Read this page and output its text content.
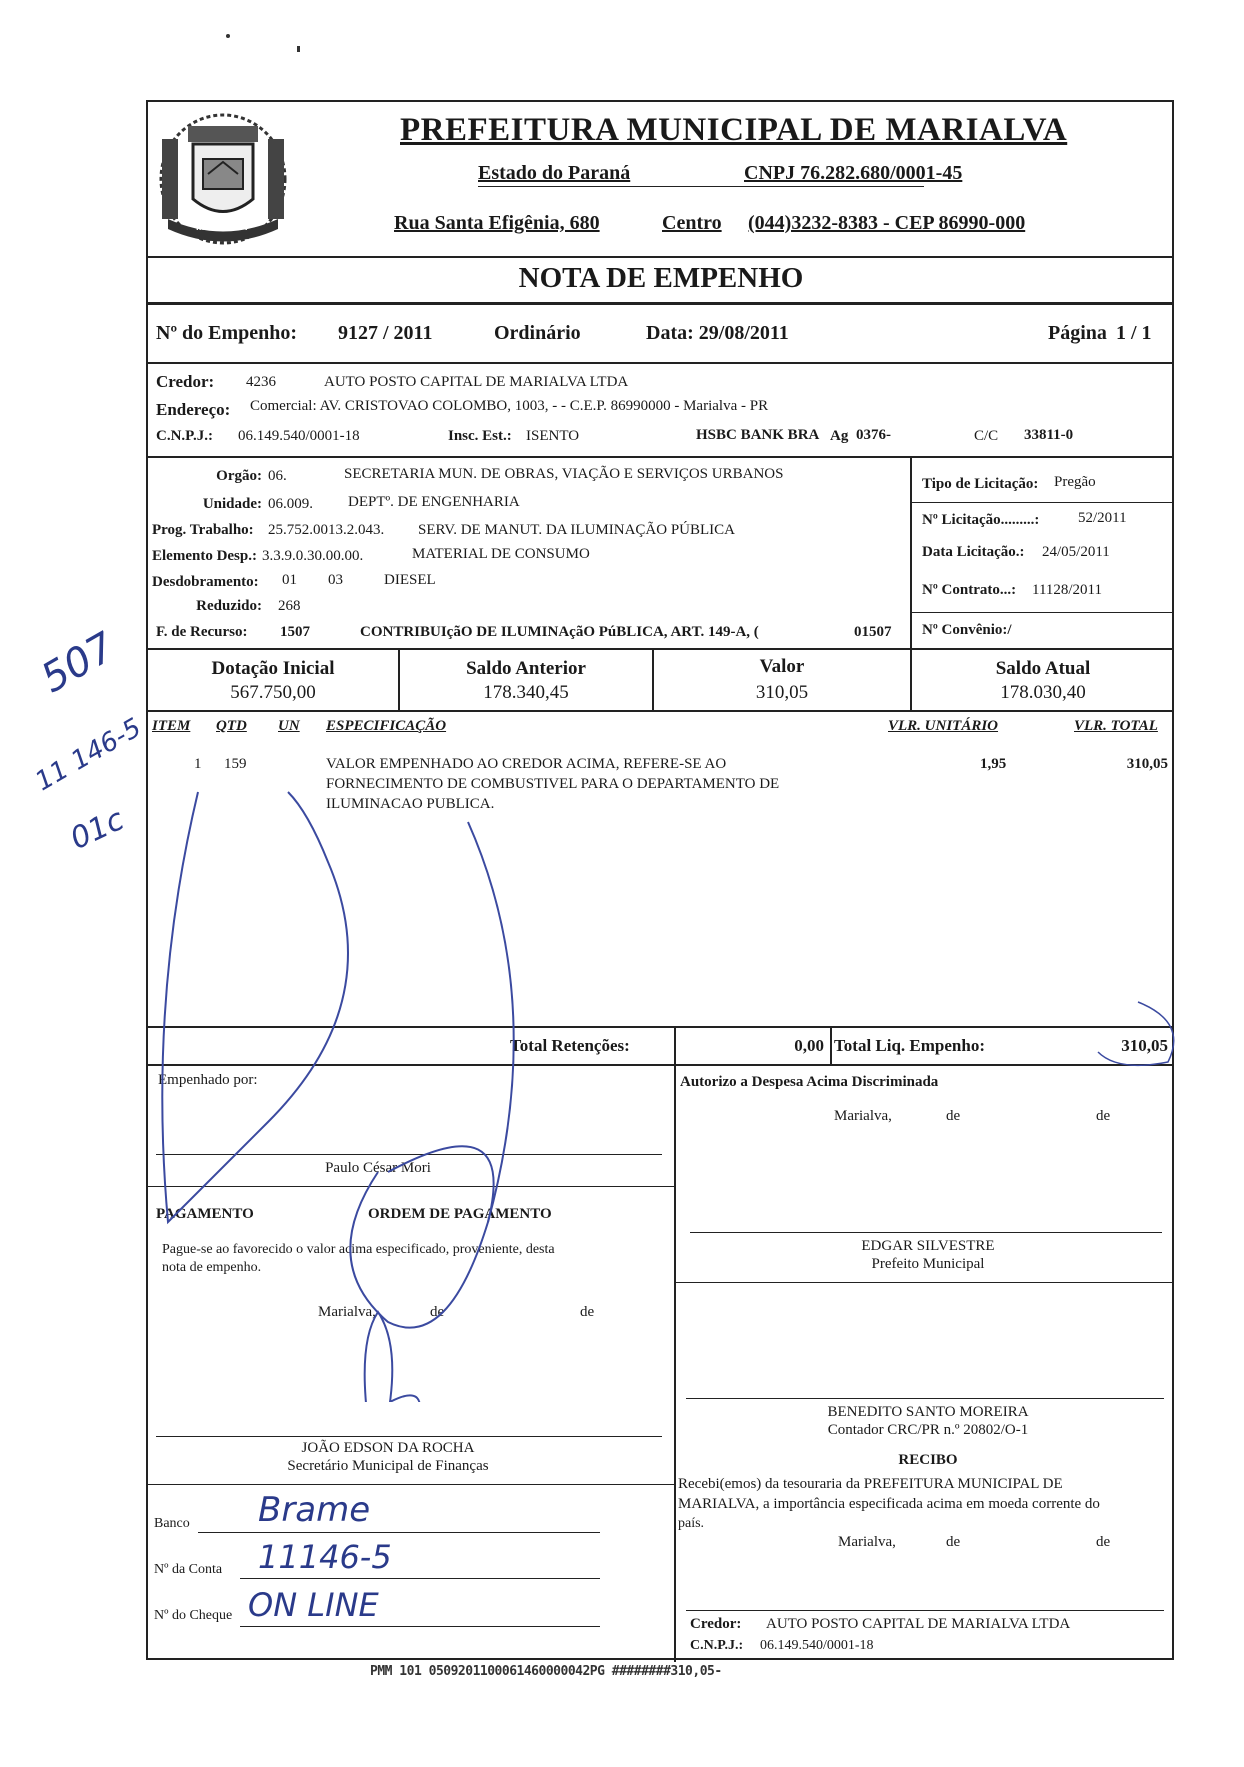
MARIALVA
PREFEITURA MUNICIPAL DE MARIALVA
Estado do Paraná	CNPJ 76.282.680/0001-45
Rua Santa Efigênia, 680	Centro (044)3232-8383 - CEP 86990-000
NOTA DE EMPENHO
Nº do Empenho: 9127 / 2011	Ordinário	Data: 29/08/2011	Página 1 / 1
Credor: 4236	AUTO POSTO CAPITAL DE MARIALVA LTDA
Endereço: Comercial: AV. CRISTOVAO COLOMBO, 1003, - - C.E.P. 86990000 - Marialva - PR
C.N.P.J.: 06.149.540/0001-18	Insc. Est.: ISENTO	HSBC BANK BRA Ag 0376-	C/C 33811-0
Orgão: 06.	SECRETARIA MUN. DE OBRAS, VIAÇÃO E SERVIÇOS URBANOS
Unidade: 06.009. DEPTº. DE ENGENHARIA
Prog. Trabalho: 25.752.0013.2.043. SERV. DE MANUT. DA ILUMINAÇÃO PÚBLICA
Elemento Desp.: 3.3.9.0.30.00.00.	MATERIAL DE CONSUMO
Desdobramento: 01 03	DIESEL
Reduzido: 268
F. de Recurso: 1507	CONTRIBUIçãO DE ILUMINAçãO PúBLICA, ART. 149-A, (	01507
Tipo de Licitação: Pregão
Nº Licitação.........:	52/2011
Data Licitação.: 24/05/2011
Nº Contrato...: 11128/2011
Nº Convênio:/
Dotação Inicial
567.750,00
Saldo Anterior
178.340,45
Valor
310,05
Saldo Atual
178.030,40
ITEM QTD UN ESPECIFICAÇÃO	VLR. UNITÁRIO	VLR. TOTAL
1 159	VALOR EMPENHADO AO CREDOR ACIMA, REFERE-SE AO
FORNECIMENTO DE COMBUSTIVEL PARA O DEPARTAMENTO DE
ILUMINACAO PUBLICA.
1,95	310,05
Total Retenções:	0,00 Total Liq. Empenho:	310,05
Empenhado por:
Paulo César Mori
PAGAMENTO	ORDEM DE PAGAMENTO
Pague-se ao favorecido o valor acima especificado, proveniente, desta
nota de empenho.
Marialva,	de	de
JOÃO EDSON DA ROCHA
Secretário Municipal de Finanças
Banco Brame
Nº da Conta 11146-5
Nº do Cheque ON LINE
Autorizo a Despesa Acima Discriminada
Marialva,	de	de
EDGAR SILVESTRE
Prefeito Municipal
BENEDITO SANTO MOREIRA
Contador CRC/PR n.º 20802/O-1
RECIBO
Recebi(emos) da tesouraria da PREFEITURA MUNICIPAL DE
MARIALVA, a importância especificada acima em moeda corrente do
país.
Marialva,	de	de
Credor: AUTO POSTO CAPITAL DE MARIALVA LTDA
C.N.P.J.: 06.149.540/0001-18
507
11 146-5
01c
PMM 101 0509201100061460000042PG ########310,05-
